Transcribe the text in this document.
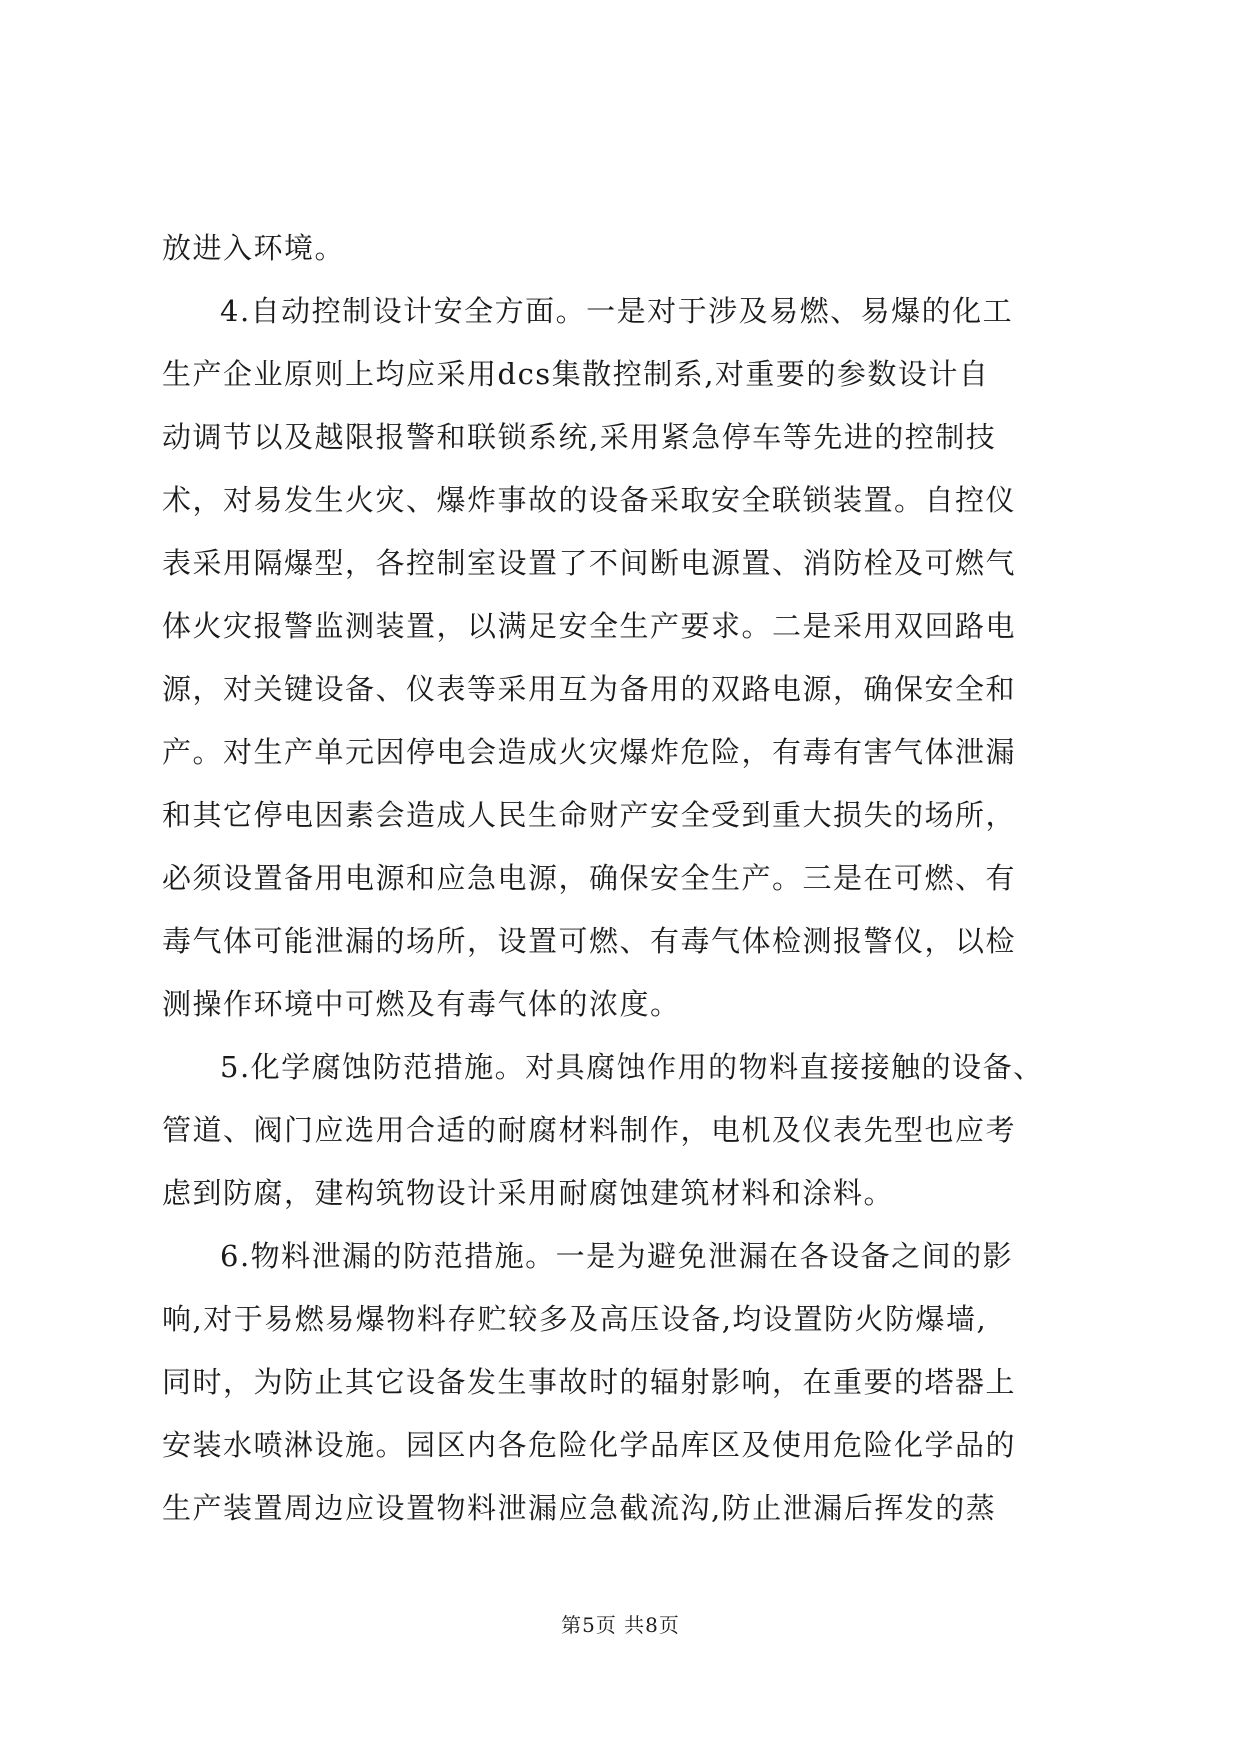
放进入环境。
4.自动控制设计安全方面。一是对于涉及易燃、易爆的化工
生产企业原则上均应采用dcs集散控制系,对重要的参数设计自
动调节以及越限报警和联锁系统,采用紧急停车等先进的控制技
术，对易发生火灾、爆炸事故的设备采取安全联锁装置。自控仪
表采用隔爆型，各控制室设置了不间断电源置、消防栓及可燃气
体火灾报警监测装置，以满足安全生产要求。二是采用双回路电
源，对关键设备、仪表等采用互为备用的双路电源，确保安全和
产。对生产单元因停电会造成火灾爆炸危险，有毒有害气体泄漏
和其它停电因素会造成人民生命财产安全受到重大损失的场所，
必须设置备用电源和应急电源，确保安全生产。三是在可燃、有
毒气体可能泄漏的场所，设置可燃、有毒气体检测报警仪，以检
测操作环境中可燃及有毒气体的浓度。
5.化学腐蚀防范措施。对具腐蚀作用的物料直接接触的设备、
管道、阀门应选用合适的耐腐材料制作，电机及仪表先型也应考
虑到防腐，建构筑物设计采用耐腐蚀建筑材料和涂料。
6.物料泄漏的防范措施。一是为避免泄漏在各设备之间的影
响,对于易燃易爆物料存贮较多及高压设备,均设置防火防爆墙,
同时，为防止其它设备发生事故时的辐射影响，在重要的塔器上
安装水喷淋设施。园区内各危险化学品库区及使用危险化学品的
生产装置周边应设置物料泄漏应急截流沟,防止泄漏后挥发的蒸
第5页 共8页
